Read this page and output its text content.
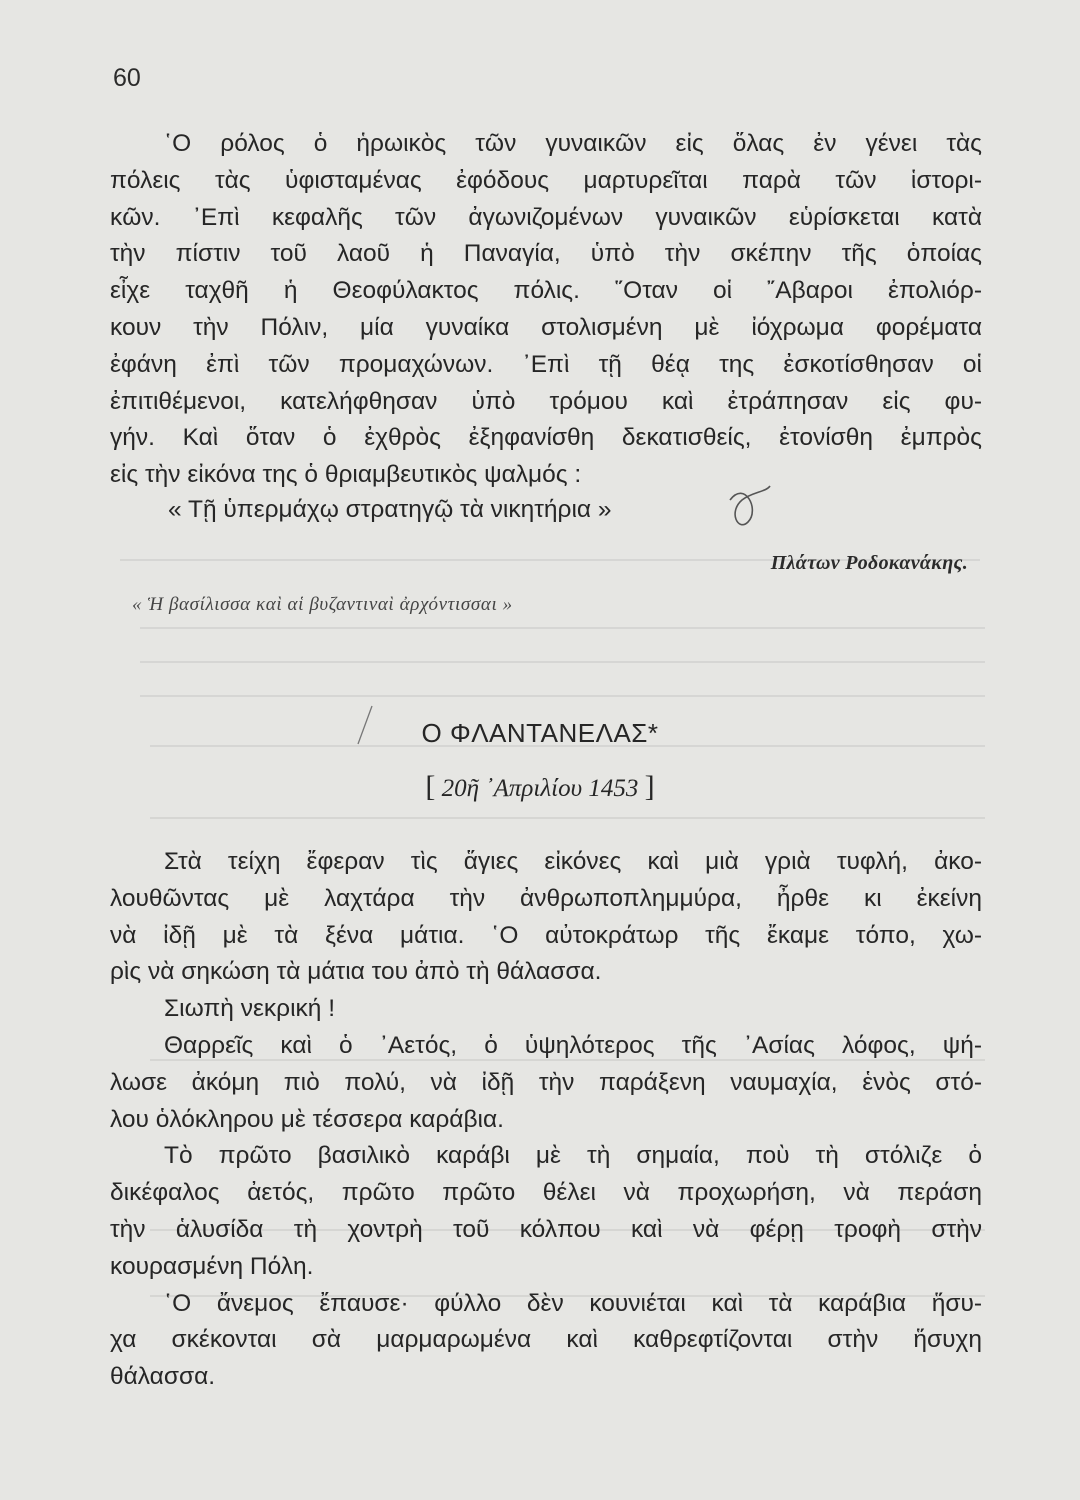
60
῾Ο ρόλος ὁ ἡρωικὸς τῶν γυναικῶν εἰς ὅλας ἐν γένει τὰς
πόλεις τὰς ὑφισταμένας ἐφόδους μαρτυρεῖται παρὰ τῶν ἱστορι-
κῶν. ᾿Επὶ κεφαλῆς τῶν ἀγωνιζομένων γυναικῶν εὑρίσκεται κατὰ
τὴν πίστιν τοῦ λαοῦ ἡ Παναγία, ὑπὸ τὴν σκέπην τῆς ὁποίας
εἶχε ταχθῆ ἡ Θεοφύλακτος πόλις. ῞Οταν οἱ ῎Αβαροι ἐπολιόρ-
κουν τὴν Πόλιν, μία γυναίκα στολισμένη μὲ ἰόχρωμα φορέματα
ἐφάνη ἐπὶ τῶν προμαχώνων. ᾿Επὶ τῇ θέᾳ της ἐσκοτίσθησαν οἱ
ἐπιτιθέμενοι, κατελήφθησαν ὑπὸ τρόμου καὶ ἐτράπησαν εἰς φυ-
γήν. Καὶ ὅταν ὁ ἐχθρὸς ἐξηφανίσθη δεκατισθείς, ἐτονίσθη ἐμπρὸς
εἰς τὴν εἰκόνα της ὁ θριαμβευτικὸς ψαλμός :
« Τῇ ὑπερμάχῳ στρατηγῷ τὰ νικητήρια »
Πλάτων Ροδοκανάκης.
« Ἡ βασίλισσα καὶ αἱ βυζαντιναὶ ἀρχόντισσαι »
Ο ΦΛΑΝΤΑΝΕΛΑΣ*
[ 20ῆ ᾿Απριλίου 1453 ]
Στὰ τείχη ἔφεραν τὶς ἅγιες εἰκόνες καὶ μιὰ γριὰ τυφλή, ἀκο-
λουθῶντας μὲ λαχτάρα τὴν ἀνθρωποπλημμύρα, ἦρθε κι ἐκείνη
νὰ ἰδῇ μὲ τὰ ξένα μάτια. ῾Ο αὐτοκράτωρ τῆς ἔκαμε τόπο, χω-
ρὶς νὰ σηκώση τὰ μάτια του ἀπὸ τὴ θάλασσα.
Σιωπὴ νεκρική !
Θαρρεῖς καὶ ὁ ᾿Αετός, ὁ ὑψηλότερος τῆς ᾿Ασίας λόφος, ψή-
λωσε ἀκόμη πιὸ πολύ, νὰ ἰδῇ τὴν παράξενη ναυμαχία, ἑνὸς στό-
λου ὁλόκληρου μὲ τέσσερα καράβια.
Τὸ πρῶτο βασιλικὸ καράβι μὲ τὴ σημαία, ποὺ τὴ στόλιζε ὁ
δικέφαλος ἀετός, πρῶτο πρῶτο θέλει νὰ προχωρήση, νὰ περάση
τὴν ἁλυσίδα τὴ χοντρὴ τοῦ κόλπου καὶ νὰ φέρῃ τροφὴ στὴν
κουρασμένη Πόλη.
῾Ο ἄνεμος ἔπαυσε· φύλλο δὲν κουνιέται καὶ τὰ καράβια ἥσυ-
χα σκέκονται σὰ μαρμαρωμένα καὶ καθρεφτίζονται στὴν ἥσυχη
θάλασσα.
